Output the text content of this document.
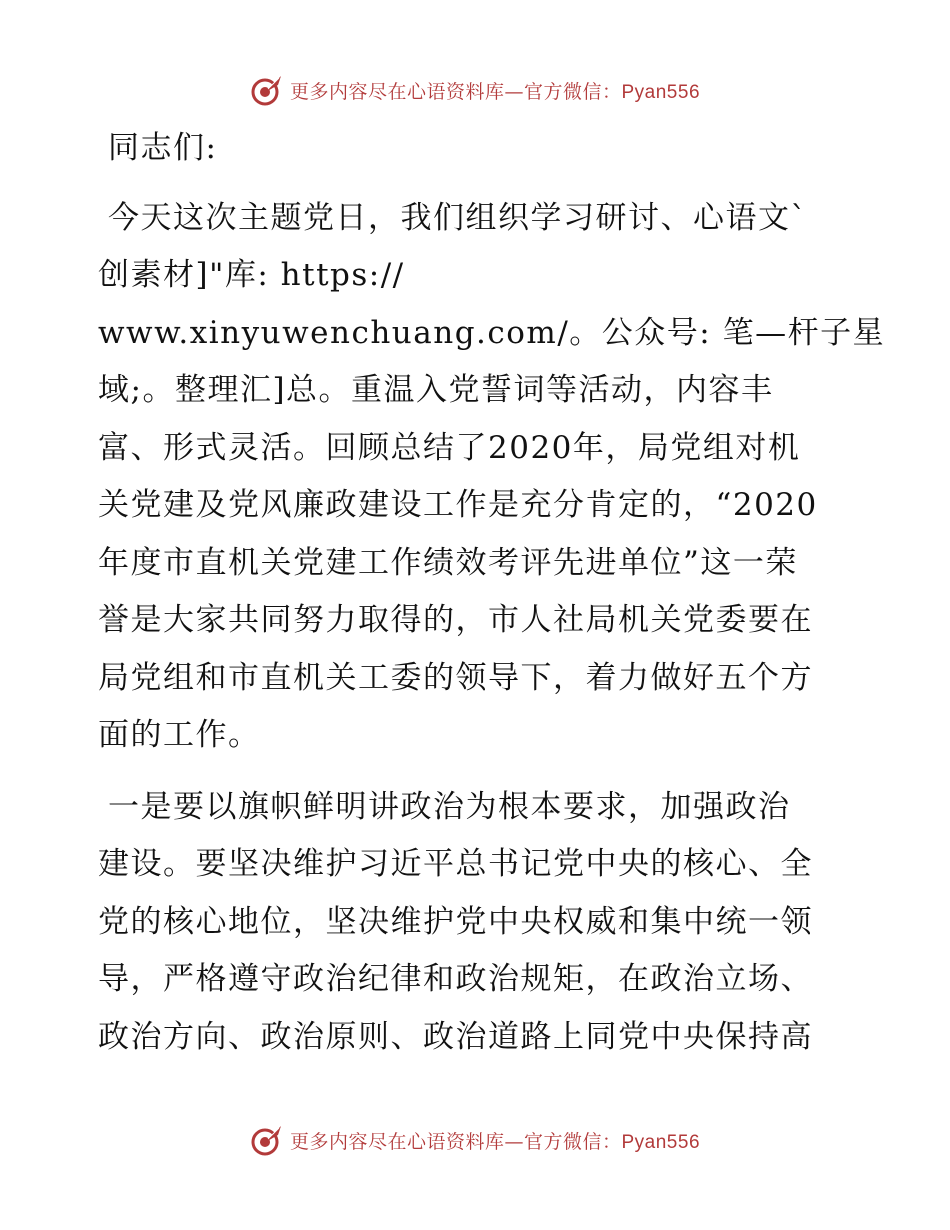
更多内容尽在心语资料库—官方微信：Pyan556

同志们:

今天这次主题党日，我们组织学习研讨、心语文`
创素材]"库: https://
www.xinyuwenchuang.com/。公众号: 笔—杆子星
域;。整理汇]总。重温入党誓词等活动，内容丰
富、形式灵活。回顾总结了2020年，局党组对机
关党建及党风廉政建设工作是充分肯定的，“2020
年度市直机关党建工作绩效考评先进单位”这一荣
誉是大家共同努力取得的，市人社局机关党委要在
局党组和市直机关工委的领导下，着力做好五个方
面的工作。
一是要以旗帜鲜明讲政治为根本要求，加强政治
建设。要坚决维护习近平总书记党中央的核心、全
党的核心地位，坚决维护党中央权威和集中统一领
导，严格遵守政治纪律和政治规矩，在政治立场、
政治方向、政治原则、政治道路上同党中央保持高
更多内容尽在心语资料库—官方微信：Pyan556
